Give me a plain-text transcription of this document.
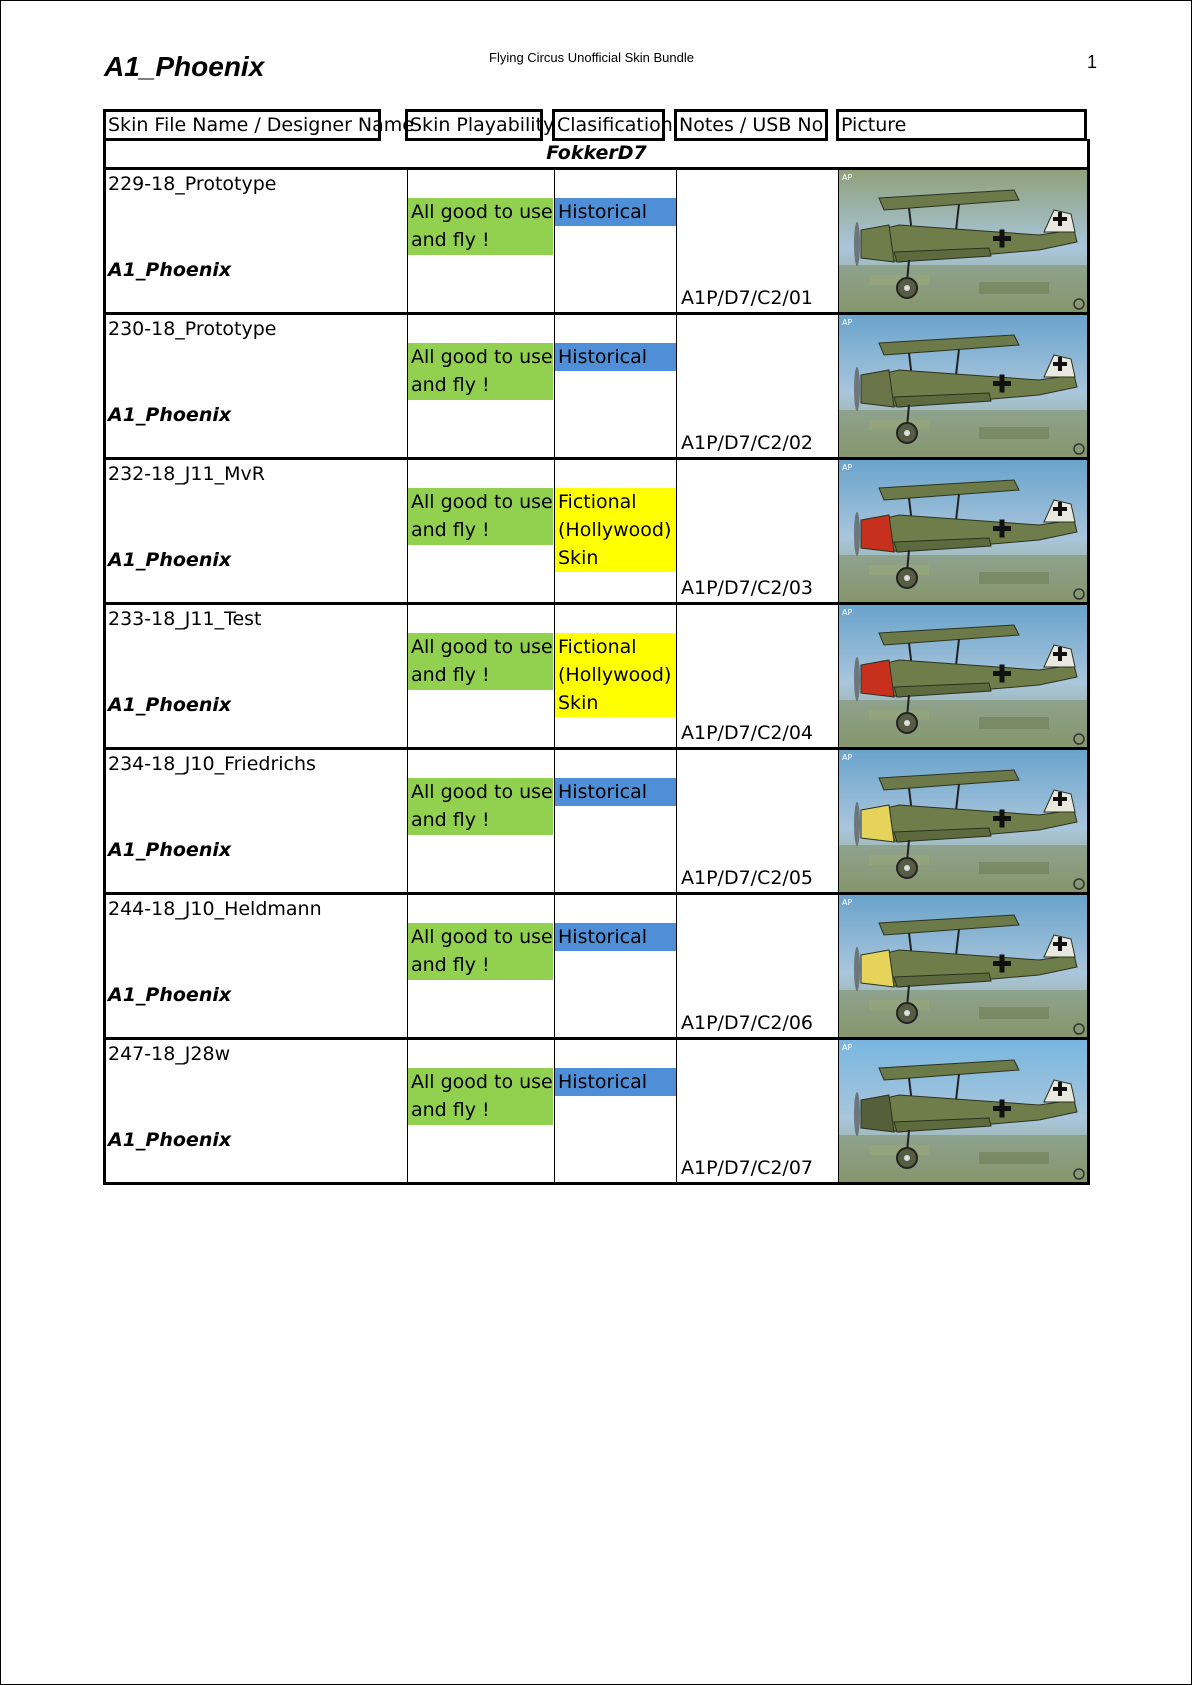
A1_Phoenix	Flying Circus Unofficial Skin Bundle	1
Skin File Name / Designer Name
Skin Playability Clasification Notes / USB No. Picture
FokkerD7
229-18_Prototype
A1_Phoenix
All good to use and fly !
Historical
A1P/D7/C2/01
AP
230-18_Prototype
A1_Phoenix
All good to use and fly !
Historical
A1P/D7/C2/02
AP
232-18_J11_MvR
A1_Phoenix
All good to use and fly !
Fictional (Hollywood) Skin
A1P/D7/C2/03
AP
233-18_J11_Test
A1_Phoenix
All good to use and fly !
Fictional (Hollywood) Skin
A1P/D7/C2/04
AP
234-18_J10_Friedrichs
A1_Phoenix
All good to use and fly !
Historical
A1P/D7/C2/05
AP
244-18_J10_Heldmann
A1_Phoenix
All good to use and fly !
Historical
A1P/D7/C2/06
AP
247-18_J28w
A1_Phoenix
All good to use and fly !
Historical
A1P/D7/C2/07
AP
